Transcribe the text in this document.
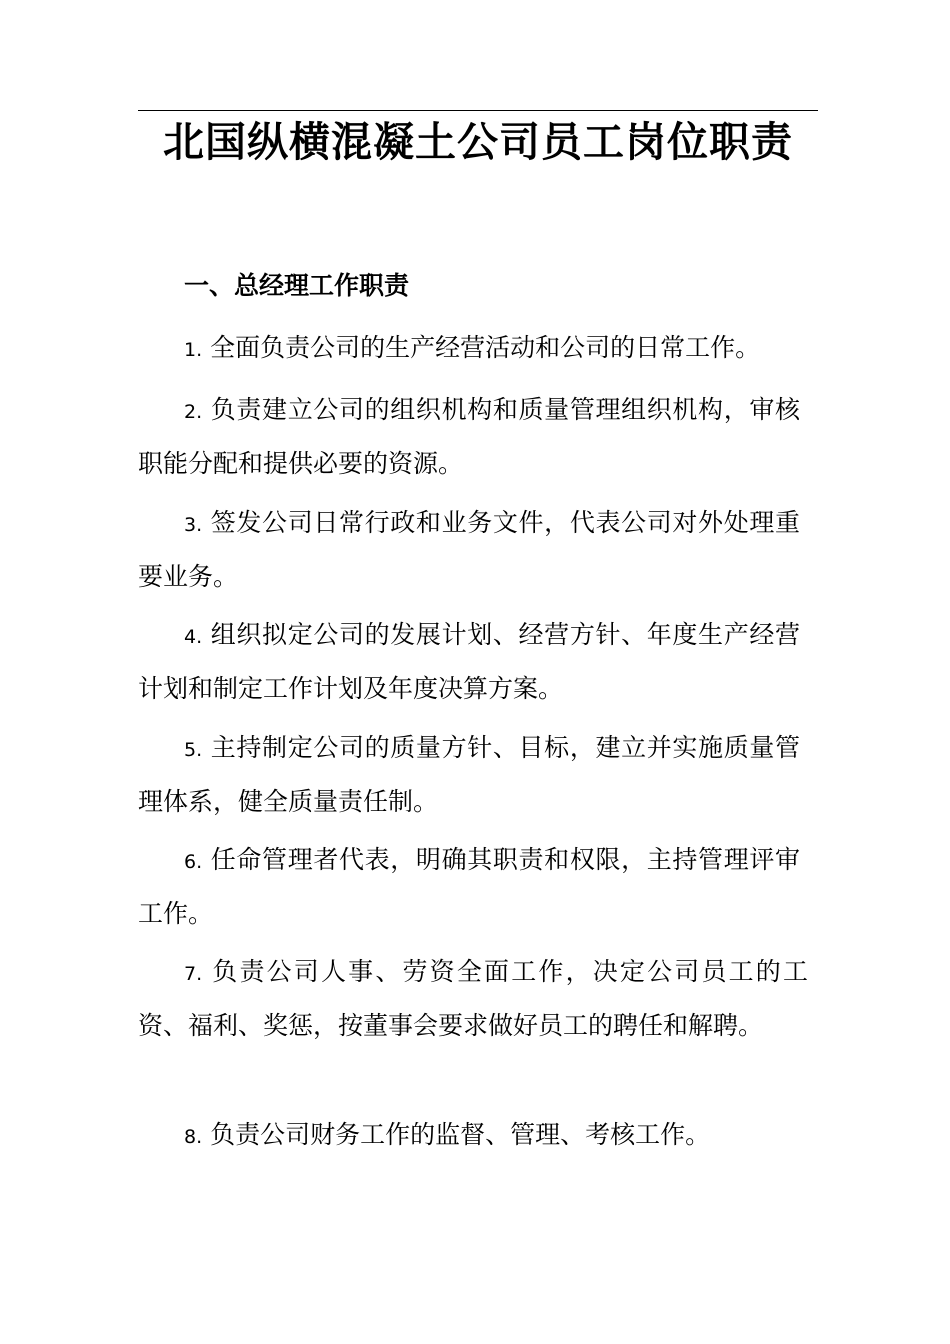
北国纵横混凝土公司员工岗位职责
一、总经理工作职责

1. 全面负责公司的生产经营活动和公司的日常工作。

2. 负责建立公司的组织机构和质量管理组织机构，审核职能分配和提供必要的资源。

3. 签发公司日常行政和业务文件，代表公司对外处理重要业务。

4. 组织拟定公司的发展计划、经营方针、年度生产经营计划和制定工作计划及年度决算方案。

5. 主持制定公司的质量方针、目标，建立并实施质量管理体系，健全质量责任制。

6. 任命管理者代表，明确其职责和权限，主持管理评审工作。

7. 负责公司人事、劳资全面工作，决定公司员工的工资、福利、奖惩，按董事会要求做好员工的聘任和解聘。

8. 负责公司财务工作的监督、管理、考核工作。
